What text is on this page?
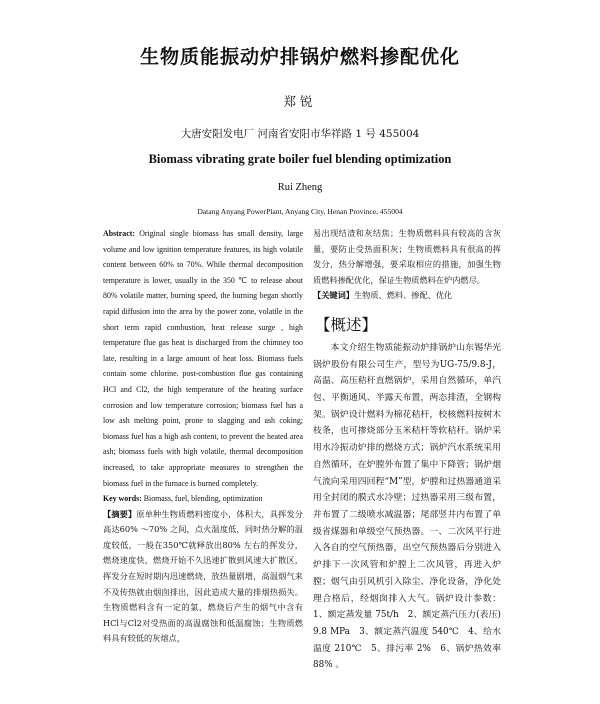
生物质能振动炉排锅炉燃料掺配优化
郑锐
大唐安阳发电厂 河南省安阳市华祥路 1 号 455004
Biomass vibrating grate boiler fuel blending optimization
Rui Zheng
Datang Anyang PowerPlant, Anyang City, Henan Province, 455004

Abstract: Original single biomass has small density, large volume and low ignition temperature features, its high volatile content between 60% to 70%. While thermal decomposition temperature is lower, usually in the 350 ℃ to release about 80% volatile matter, burning speed, the burning began shortly rapid diffusion into the area by the power zone, volatile in the short term rapid combustion, heat release surge , high temperature flue gas heat is discharged from the chimney too late, resulting in a large amount of heat loss. Biomass fuels contain some chlorine. post-combustion flue gas containing HCl and Cl2, the high temperature of the heating surface corrosion and low temperature corrosion; biomass fuel has a low ash melting point, prone to slagging and ash coking; biomass fuel has a high ash content, to prevent the heated area ash; biomass fuels with high volatile, thermal decomposition increased, to take appropriate measures to strengthen the biomass fuel in the furnace is burned completely.

Key words: Biomass, fuel, blending, optimization

【摘要】原单种生物质燃料密度小，体积大，具挥发分高达60% ～70% 之间，点火温度低，同时热分解的温度较低，一般在350℃就释放出80% 左右的挥发分，燃烧速度快，燃烧开始不久迅速扩散到风速大扩散区，挥发分在短时期内迅速燃烧，放热量剧增，高温烟气来不及传热就由烟囱排出，因此造成大量的排烟热损失。生物质燃料含有一定的氯，燃烧后产生的烟气中含有HCl与Cl2对受热面的高温腐蚀和低温腐蚀；生物质燃料具有较低的灰熔点，

易出现结渣和灰结焦；生物质燃料具有较高的含灰量，要防止受热面积灰；生物质燃料具有很高的挥发分，热分解增强，要采取相应的措施，加强生物质燃料掺配优化，保证生物质燃料在炉内燃尽。

【关键词】生物质、燃料、掺配、优化

【概述】

本文介绍生物质能振动炉排锅炉山东锡华光锅炉股份有限公司生产，型号为UG-75/9.8-J，高温、高压秸秆直燃锅炉，采用自然循环，单汽包、平衡通风、半露天布置，两态排渣，全钢构架。锅炉设计燃料为棉花秸杆，校核燃料按树木枝条，也可掺烧部分玉米秸杆等软秸秆。锅炉采用水冷振动炉排的燃烧方式；锅炉汽水系统采用自然循环，在炉膛外布置了集中下降管；锅炉烟气流向采用四回程“M”型，炉膛和过热器通道采用全封闭的膜式水冷壁；过热器采用三级布置，并布置了二级喷水减温器；尾部竖井内布置了单级省煤器和单级空气预热器。一、二次风平行进入各自的空气预热器，出空气预热器后分别进入炉排下一次风管和炉膛上二次风管，再进入炉膛；烟气由引风机引入除尘、净化设备，净化处理合格后，经烟囱排入大气。锅炉设计参数：1、额定蒸发量 75t/h　2、额定蒸汽压力(表压) 9.8 MPa　3、额定蒸汽温度 540℃　4、给水温度 210℃　5、排污率 2%　6、锅炉热效率 88% 。
